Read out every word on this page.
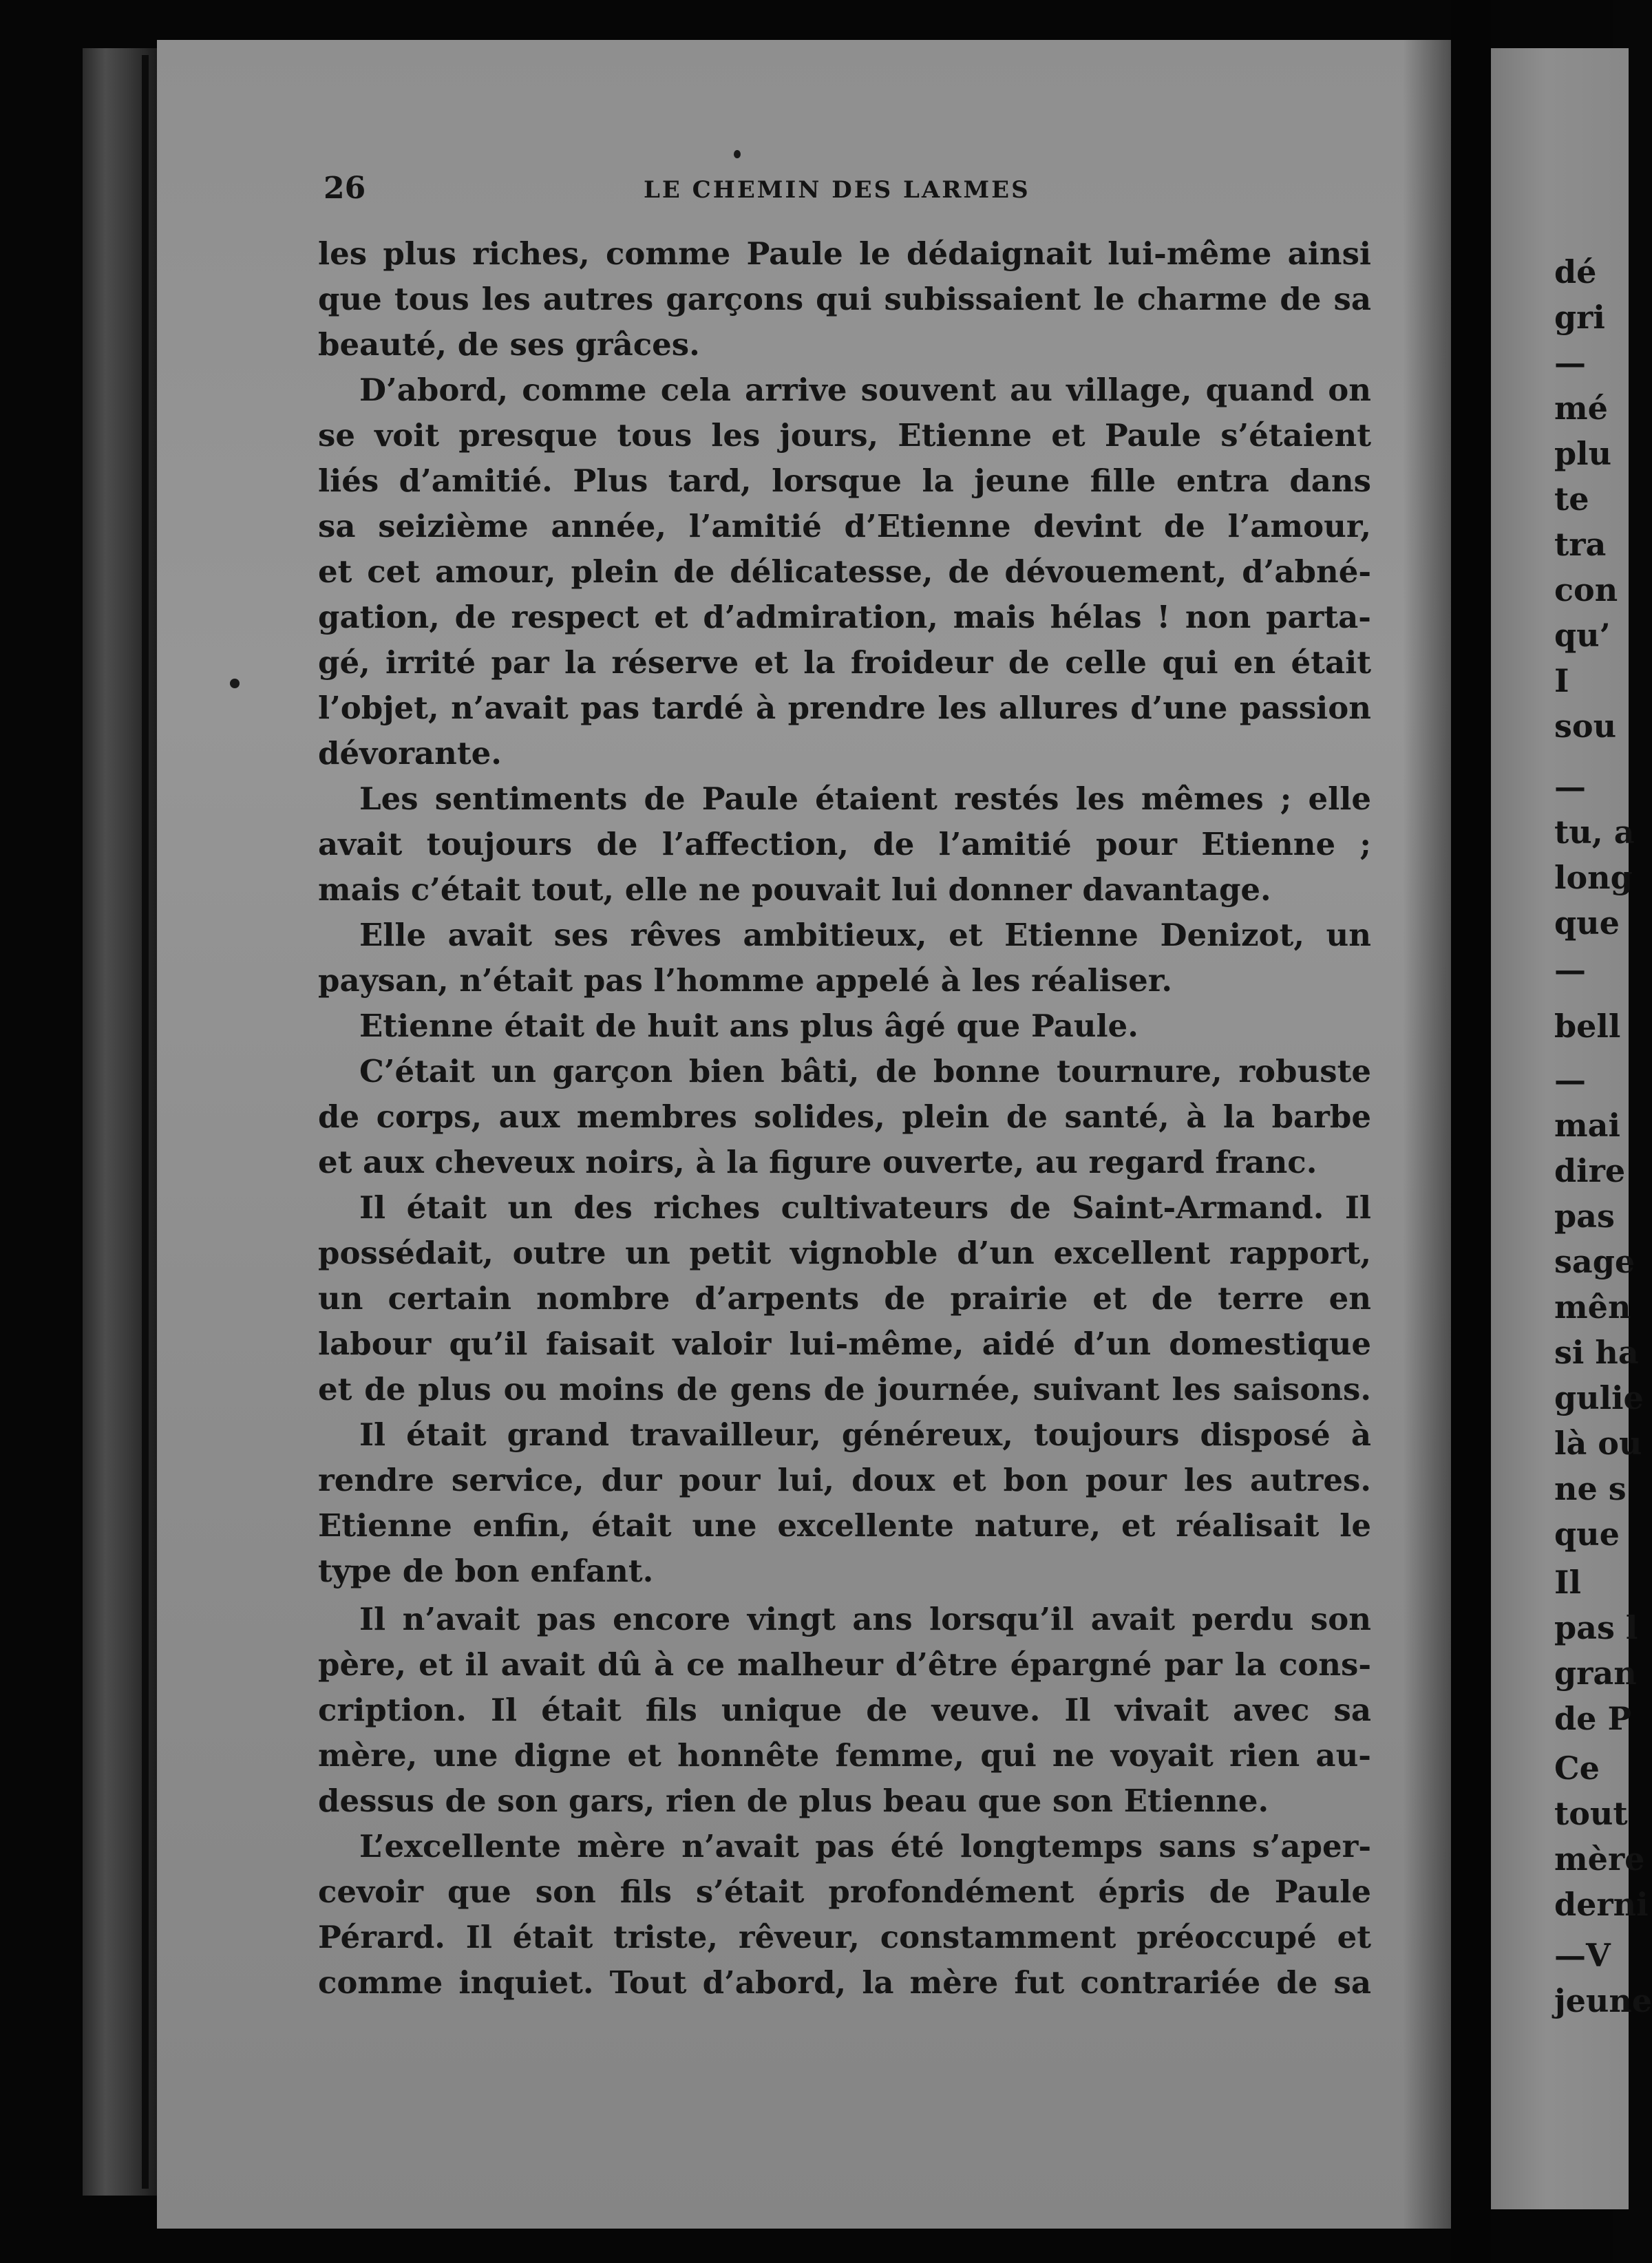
26	LE CHEMIN DES LARMES
les plus riches, comme Paule le dédaignait lui-même ainsi
que tous les autres garçons qui subissaient le charme de sa
beauté, de ses grâces.
D’abord, comme cela arrive souvent au village, quand on
se voit presque tous les jours, Etienne et Paule s’étaient
liés d’amitié. Plus tard, lorsque la jeune fille entra dans
sa seizième année, l’amitié d’Etienne devint de l’amour,
et cet amour, plein de délicatesse, de dévouement, d’abné-
gation, de respect et d’admiration, mais hélas ! non parta-
gé, irrité par la réserve et la froideur de celle qui en était
l’objet, n’avait pas tardé à prendre les allures d’une passion
dévorante.
Les sentiments de Paule étaient restés les mêmes ; elle
avait toujours de l’affection, de l’amitié pour Etienne ;
mais c’était tout, elle ne pouvait lui donner davantage.
Elle avait ses rêves ambitieux, et Etienne Denizot, un
paysan, n’était pas l’homme appelé à les réaliser.
Etienne était de huit ans plus âgé que Paule.
C’était un garçon bien bâti, de bonne tournure, robuste
de corps, aux membres solides, plein de santé, à la barbe
et aux cheveux noirs, à la figure ouverte, au regard franc.
Il était un des riches cultivateurs de Saint-Armand. Il
possédait, outre un petit vignoble d’un excellent rapport,
un certain nombre d’arpents de prairie et de terre en
labour qu’il faisait valoir lui-même, aidé d’un domestique
et de plus ou moins de gens de journée, suivant les saisons.
Il était grand travailleur, généreux, toujours disposé à
rendre service, dur pour lui, doux et bon pour les autres.
Etienne enfin, était une excellente nature, et réalisait le
type de bon enfant.
Il n’avait pas encore vingt ans lorsqu’il avait perdu son
père, et il avait dû à ce malheur d’être épargné par la cons-
cription. Il était fils unique de veuve. Il vivait avec sa
mère, une digne et honnête femme, qui ne voyait rien au-
dessus de son gars, rien de plus beau que son Etienne.
L’excellente mère n’avait pas été longtemps sans s’aper-
cevoir que son fils s’était profondément épris de Paule
Pérard. Il était triste, rêveur, constamment préoccupé et
comme inquiet. Tout d’abord, la mère fut contrariée de sa
dé
gri
—
mé
plu
te
tra
con
qu’
I
sou
—
tu, a
long
que
—
bell
—
mai
dire
pas
sage
mên
si ha
gulie
là ou
ne s
que
Il
pas l
gran
de P
Ce
tout
mère
derni
—V
jeune
